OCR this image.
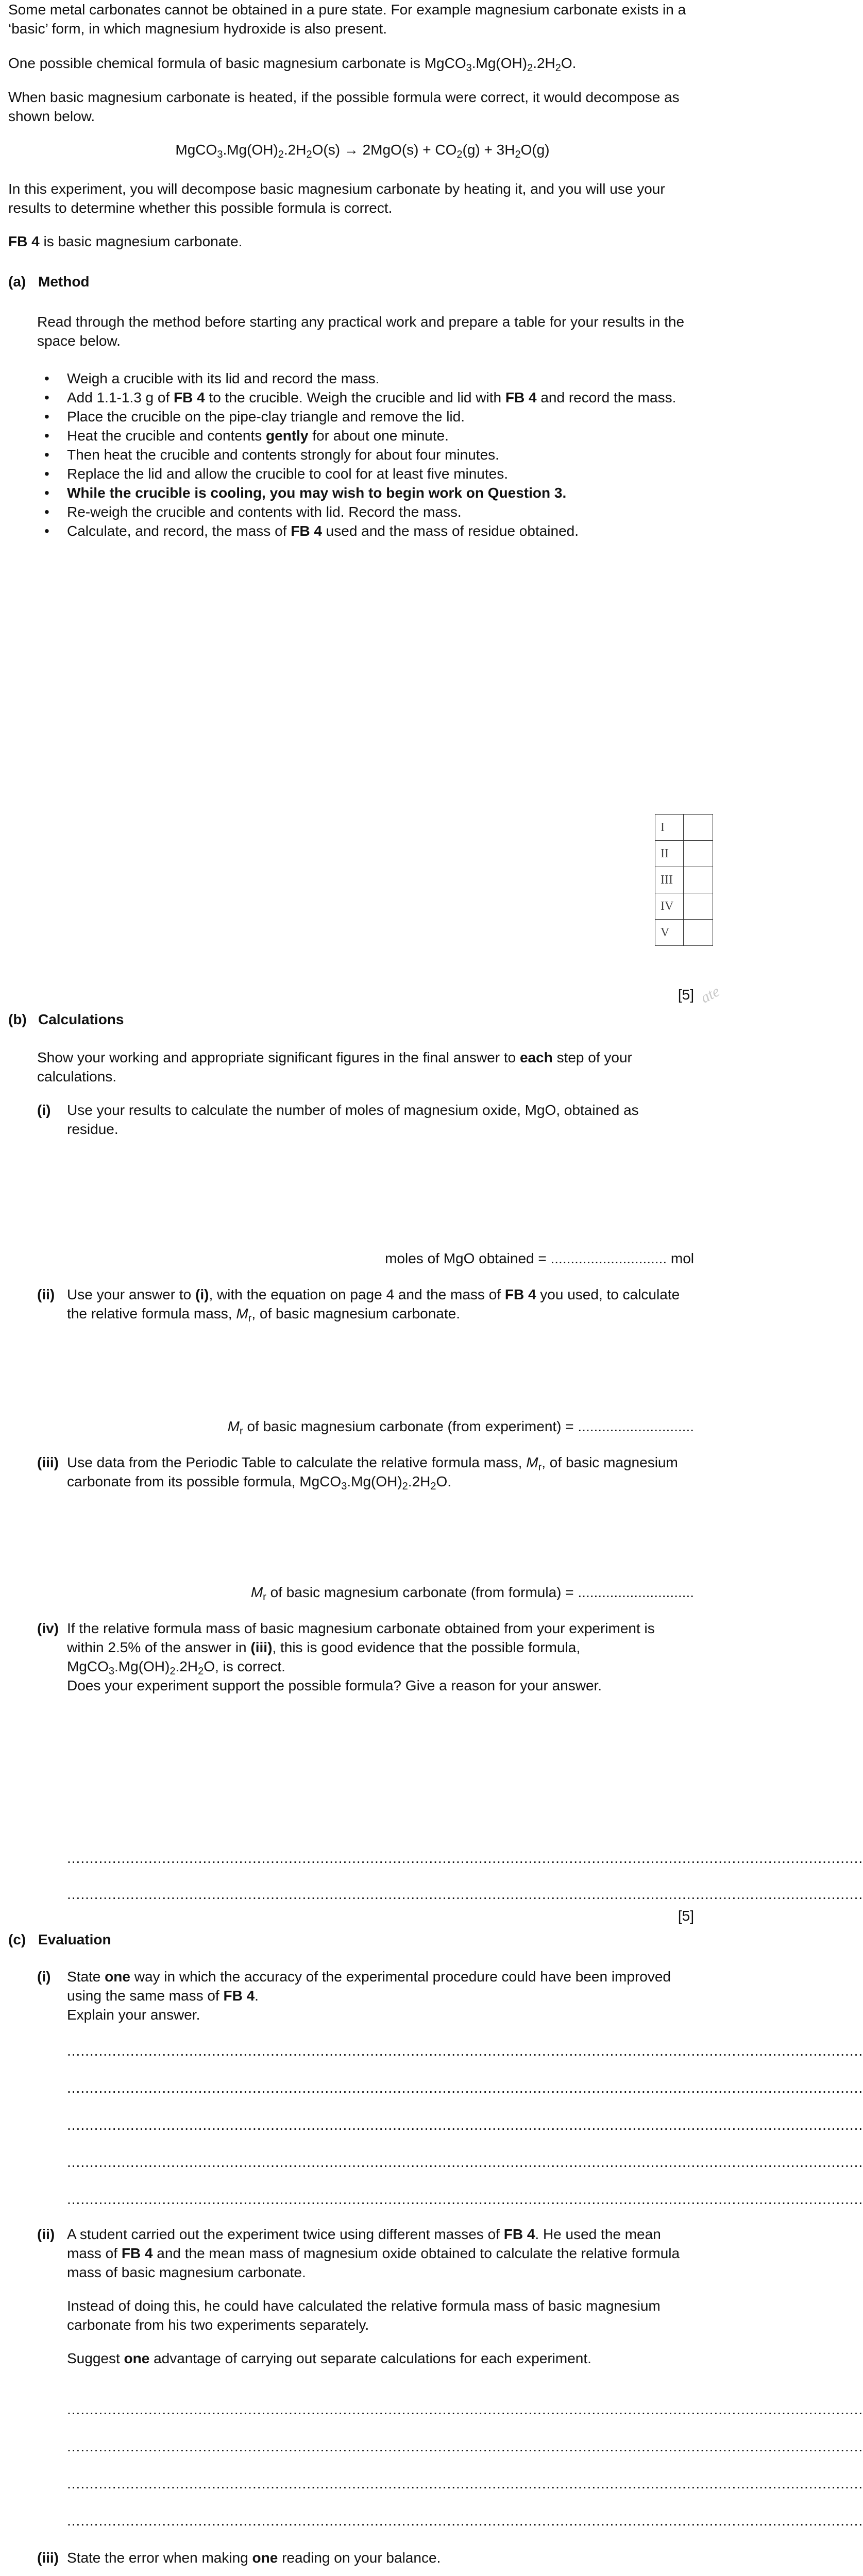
Some metal carbonates cannot be obtained in a pure state. For example magnesium carbonate exists in a ‘basic’ form, in which magnesium hydroxide is also present.

One possible chemical formula of basic magnesium carbonate is $MgCO_3.Mg(OH)_2.2H_2O$.

When basic magnesium carbonate is heated, if the possible formula were correct, it would decompose as shown below.

$MgCO_3.Mg(OH)_2.2H_2O(s) \to 2MgO(s) + CO_2(g) + 3H_2O(g)$

In this experiment, you will decompose basic magnesium carbonate by heating it, and you will use your results to determine whether this possible formula is correct.

FB 4 is basic magnesium carbonate.

(a) Method

Read through the method before starting any practical work and prepare a table for your results in the space below.

• Weigh a crucible with its lid and record the mass.
• Add 1.1-1.3 g of FB 4 to the crucible. Weigh the crucible and lid with FB 4 and record the mass.
• Place the crucible on the pipe-clay triangle and remove the lid.
• Heat the crucible and contents gently for about one minute.
• Then heat the crucible and contents strongly for about four minutes.
• Replace the lid and allow the crucible to cool for at least five minutes.
• While the crucible is cooling, you may wish to begin work on Question 3.
• Re-weigh the crucible and contents with lid. Record the mass.
• Calculate, and record, the mass of FB 4 used and the mass of residue obtained.
I	
II	
III	
IV	
V	

[5] ate

(b) Calculations

Show your working and appropriate significant figures in the final answer to each step of your calculations.

(i) Use your results to calculate the number of moles of magnesium oxide, MgO, obtained as residue.

moles of MgO obtained = ............................. mol

(ii) Use your answer to (i), with the equation on page 4 and the mass of FB 4 you used, to calculate the relative formula mass, $M_r$, of basic magnesium carbonate.

$M_r$ of basic magnesium carbonate (from experiment) = .............................

(iii) Use data from the Periodic Table to calculate the relative formula mass, $M_r$, of basic magnesium carbonate from its possible formula, $MgCO_3.Mg(OH)_2.2H_2O$.

$M_r$ of basic magnesium carbonate (from formula) = .............................

(iv) If the relative formula mass of basic magnesium carbonate obtained from your experiment is within 2.5% of the answer in (iii), this is good evidence that the possible formula, $MgCO_3.Mg(OH)_2.2H_2O$, is correct.
Does your experiment support the possible formula? Give a reason for your answer.

................................................................................................................................................................................

................................................................................................................................................................................

[5]

(c) Evaluation

(i) State one way in which the accuracy of the experimental procedure could have been improved using the same mass of FB 4.
Explain your answer.

................................................................................................................................................................................

................................................................................................................................................................................

................................................................................................................................................................................

................................................................................................................................................................................

................................................................................................................................................................................

(ii) A student carried out the experiment twice using different masses of FB 4. He used the mean mass of FB 4 and the mean mass of magnesium oxide obtained to calculate the relative formula mass of basic magnesium carbonate.

Instead of doing this, he could have calculated the relative formula mass of basic magnesium carbonate from his two experiments separately.

Suggest one advantage of carrying out separate calculations for each experiment.

................................................................................................................................................................................

................................................................................................................................................................................

................................................................................................................................................................................

................................................................................................................................................................................

(iii) State the error when making one reading on your balance.
